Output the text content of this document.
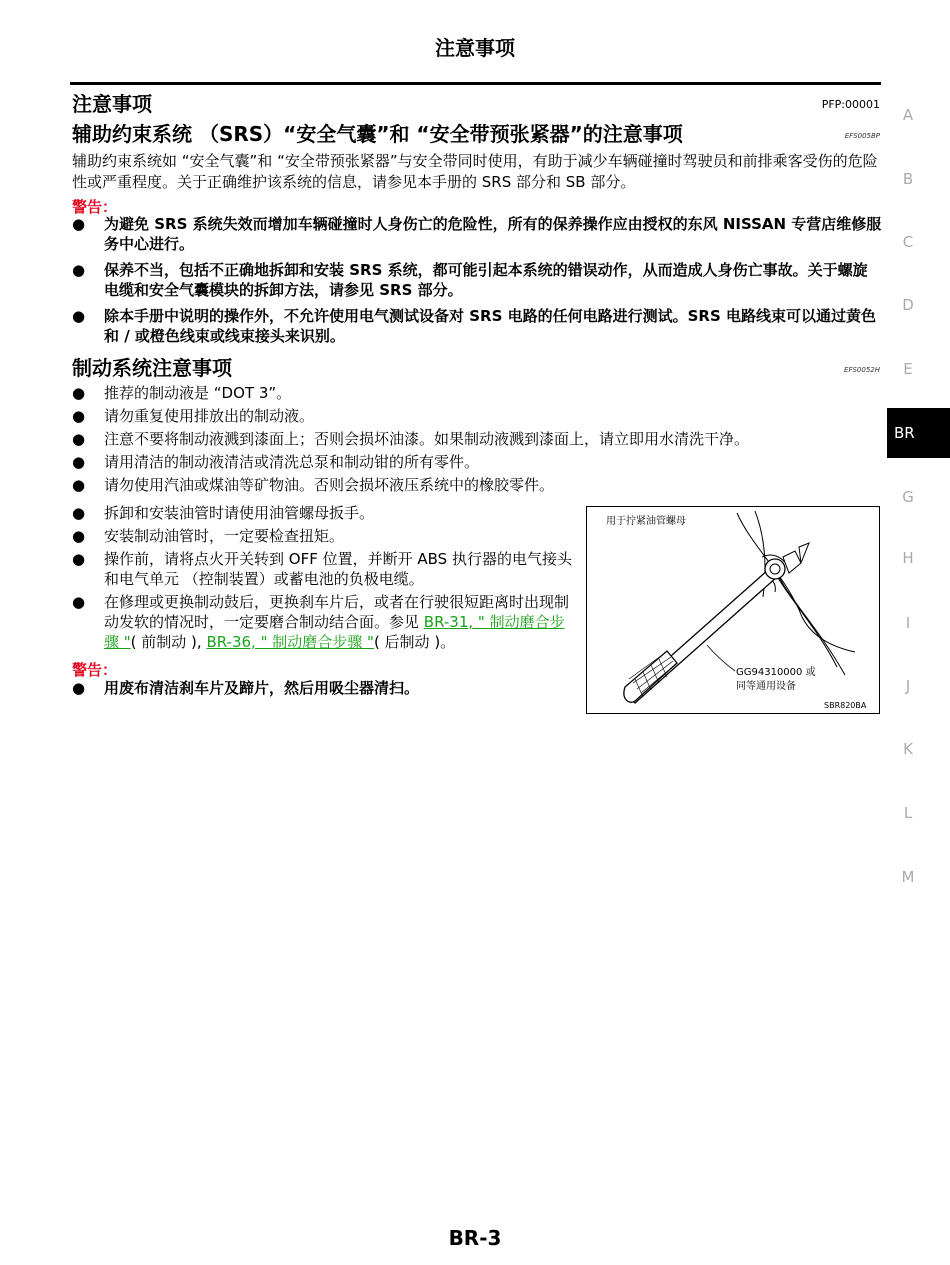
注意事项
注意事项	PFP:00001
辅助约束系统 （SRS）“安全气囊”和 “安全带预张紧器”的注意事项	EFS005BP
辅助约束系统如 “安全气囊”和 “安全带预张紧器”与安全带同时使用，有助于减少车辆碰撞时驾驶员和前排乘客受伤的危险性或严重程度。关于正确维护该系统的信息，请参见本手册的 SRS 部分和 SB 部分。
警告：
● 为避免 SRS 系统失效而增加车辆碰撞时人身伤亡的危险性，所有的保养操作应由授权的东风 NISSAN 专营店维修服务中心进行。
● 保养不当，包括不正确地拆卸和安装 SRS 系统，都可能引起本系统的错误动作，从而造成人身伤亡事故。关于螺旋电缆和安全气囊模块的拆卸方法，请参见 SRS 部分。
● 除本手册中说明的操作外，不允许使用电气测试设备对 SRS 电路的任何电路进行测试。SRS 电路线束可以通过黄色和 / 或橙色线束或线束接头来识别。
制动系统注意事项	EFS0052H
● 推荐的制动液是 “DOT 3”。
● 请勿重复使用排放出的制动液。
● 注意不要将制动液溅到漆面上；否则会损坏油漆。如果制动液溅到漆面上，请立即用水清洗干净。
● 请用清洁的制动液清洁或清洗总泵和制动钳的所有零件。
● 请勿使用汽油或煤油等矿物油。否则会损坏液压系统中的橡胶零件。
● 拆卸和安装油管时请使用油管螺母扳手。
● 安装制动油管时，一定要检查扭矩。
● 操作前，请将点火开关转到 OFF 位置，并断开 ABS 执行器的电气接头和电气单元 （控制装置）或蓄电池的负极电缆。
● 在修理或更换制动鼓后，更换刹车片后，或者在行驶很短距离时出现制动发软的情况时，一定要磨合制动结合面。参见 BR-31, " 制动磨合步骤 "( 前制动 ), BR-36, " 制动磨合步骤 "( 后制动 )。
警告：
● 用废布清洁刹车片及蹄片，然后用吸尘器清扫。
用于拧紧油管螺母
GG94310000 或
同等通用设备
SBR820BA
A
B
C
D
E
BR
G
H
I
J
K
L
M
BR-3
